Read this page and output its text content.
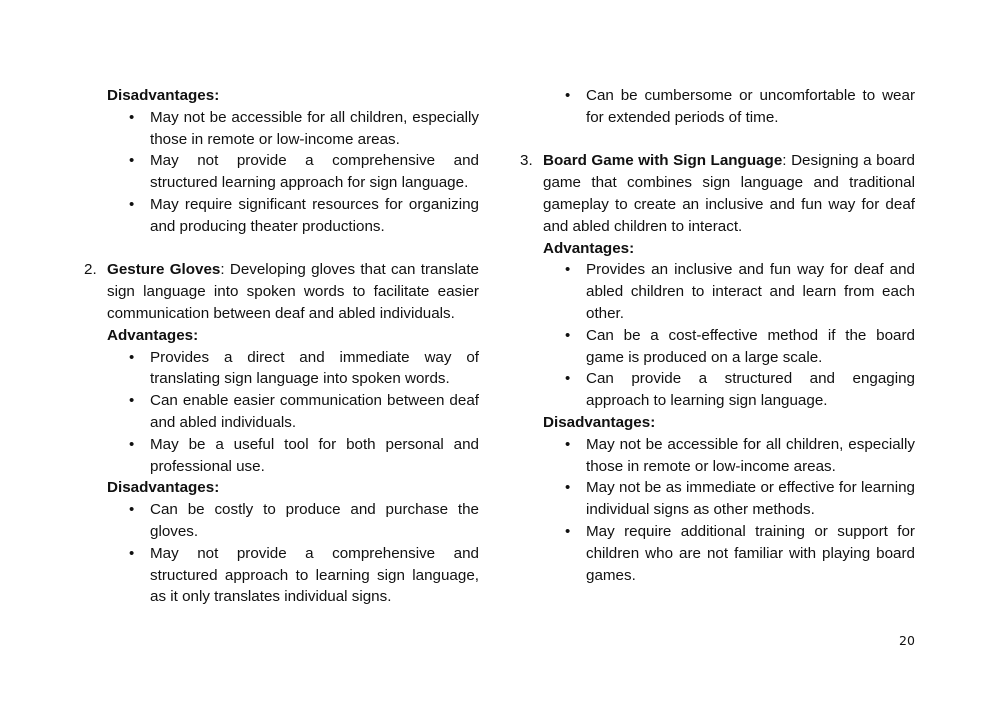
Disadvantages:
• May not be accessible for all children, especially those in remote or low-income areas.
• May not provide a comprehensive and structured learning approach for sign language.
• May require significant resources for organizing and producing theater productions.
2. Gesture Gloves: Developing gloves that can translate sign language into spoken words to facilitate easier communication between deaf and abled individuals.
Advantages:
• Provides a direct and immediate way of translating sign language into spoken words.
• Can enable easier communication between deaf and abled individuals.
• May be a useful tool for both personal and professional use.
Disadvantages:
• Can be costly to produce and purchase the gloves.
• May not provide a comprehensive and structured approach to learning sign language, as it only translates individual signs.
• Can be cumbersome or uncomfortable to wear for extended periods of time.
3. Board Game with Sign Language: Designing a board game that combines sign language and traditional gameplay to create an inclusive and fun way for deaf and abled children to interact.
Advantages:
• Provides an inclusive and fun way for deaf and abled children to interact and learn from each other.
• Can be a cost-effective method if the board game is produced on a large scale.
• Can provide a structured and engaging approach to learning sign language.
Disadvantages:
• May not be accessible for all children, especially those in remote or low-income areas.
• May not be as immediate or effective for learning individual signs as other methods.
• May require additional training or support for children who are not familiar with playing board games.
20
